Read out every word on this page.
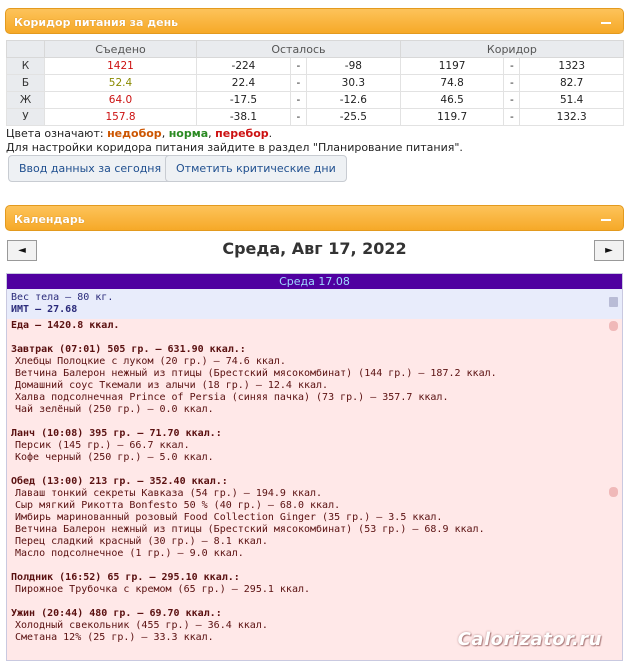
Коридор питания за день
	Съедено	Осталось			Коридор		
К	1421	-224	-	-98	1197	-	1323
Б	52.4	22.4	-	30.3	74.8	-	82.7
Ж	64.0	-17.5	-	-12.6	46.5	-	51.4
У	157.8	-38.1	-	-25.5	119.7	-	132.3
Цвета означают: недобор, норма, перебор.
Для настройки коридора питания зайдите в раздел "Планирование питания".
Ввод данных за сегодня	Отметить критические дни
Календарь
◄	Среда, Авг 17, 2022	►
Среда 17.08
Вес тела — 80 кг.
ИМТ — 27.68
Еда — 1420.8 ккал.
Завтрак (07:01) 505 гр. — 631.90 ккал.:
Хлебцы Полоцкие с луком (20 гр.) — 74.6 ккал.
Ветчина Балерон нежный из птицы (Брестский мясокомбинат) (144 гр.) — 187.2 ккал.
Домашний соус Ткемали из алычи (18 гр.) — 12.4 ккал.
Халва подсолнечная Prince of Persia (синяя пачка) (73 гр.) — 357.7 ккал.
Чай зелёный (250 гр.) — 0.0 ккал.
Ланч (10:08) 395 гр. — 71.70 ккал.:
Персик (145 гр.) — 66.7 ккал.
Кофе черный (250 гр.) — 5.0 ккал.
Обед (13:00) 213 гр. — 352.40 ккал.:
Лаваш тонкий секреты Кавказа (54 гр.) — 194.9 ккал.
Сыр мягкий Рикотта Bonfesto 50 % (40 гр.) — 68.0 ккал.
Имбирь маринованный розовый Food Collection Ginger (35 гр.) — 3.5 ккал.
Ветчина Балерон нежный из птицы (Брестский мясокомбинат) (53 гр.) — 68.9 ккал.
Перец сладкий красный (30 гр.) — 8.1 ккал.
Масло подсолнечное (1 гр.) — 9.0 ккал.
Полдник (16:52) 65 гр. — 295.10 ккал.:
Пирожное Трубочка с кремом (65 гр.) — 295.1 ккал.
Ужин (20:44) 480 гр. — 69.70 ккал.:
Холодный свекольник (455 гр.) — 36.4 ккал.
Сметана 12% (25 гр.) — 33.3 ккал.	Calorizator.ru
